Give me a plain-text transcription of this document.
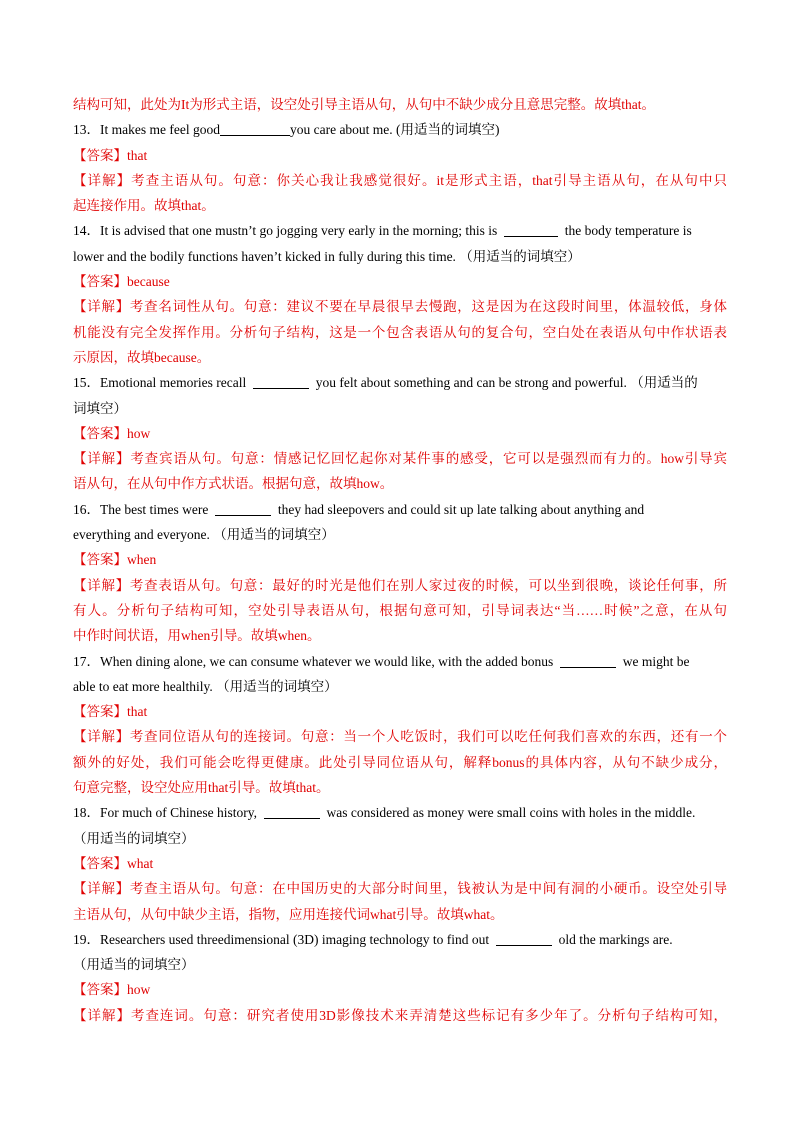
结构可知，此处为It为形式主语，设空处引导主语从句，从句中不缺少成分且意思完整。故填that。
13．It makes me feel good	you care about me. (用适当的词填空)
【答案】that
【详解】考查主语从句。句意：你关心我让我感觉很好。it是形式主语，that引导主语从句，在从句中只
起连接作用。故填that。
14．It is advised that one mustn’t go jogging very early in the morning; this is	the body temperature is
lower and the bodily functions haven’t kicked in fully during this time. （用适当的词填空）
【答案】because
【详解】考查名词性从句。句意：建议不要在早晨很早去慢跑，这是因为在这段时间里，体温较低，身体
机能没有完全发挥作用。分析句子结构，这是一个包含表语从句的复合句，空白处在表语从句中作状语表
示原因，故填because。
15．Emotional memories recall	you felt about something and can be strong and powerful. （用适当的
词填空）
【答案】how
【详解】考查宾语从句。句意：情感记忆回忆起你对某件事的感受，它可以是强烈而有力的。how引导宾
语从句，在从句中作方式状语。根据句意，故填how。
16．The best times were	they had sleepovers and could sit up late talking about anything and
everything and everyone. （用适当的词填空）
【答案】when
【详解】考查表语从句。句意：最好的时光是他们在别人家过夜的时候，可以坐到很晚，谈论任何事，所
有人。分析句子结构可知，空处引导表语从句，根据句意可知，引导词表达“当……时候”之意，在从句
中作时间状语，用when引导。故填when。
17．When dining alone, we can consume whatever we would like, with the added bonus	we might be
able to eat more healthily. （用适当的词填空）
【答案】that
【详解】考查同位语从句的连接词。句意：当一个人吃饭时，我们可以吃任何我们喜欢的东西，还有一个
额外的好处，我们可能会吃得更健康。此处引导同位语从句，解释bonus的具体内容，从句不缺少成分，
句意完整，设空处应用that引导。故填that。
18．For much of Chinese history,	was considered as money were small coins with holes in the middle.
（用适当的词填空）
【答案】what
【详解】考查主语从句。句意：在中国历史的大部分时间里，钱被认为是中间有洞的小硬币。设空处引导
主语从句，从句中缺少主语，指物，应用连接代词what引导。故填what。
19．Researchers used threedimensional (3D) imaging technology to find out	old the markings are.
（用适当的词填空）
【答案】how
【详解】考查连词。句意：研究者使用3D影像技术来弄清楚这些标记有多少年了。分析句子结构可知，
